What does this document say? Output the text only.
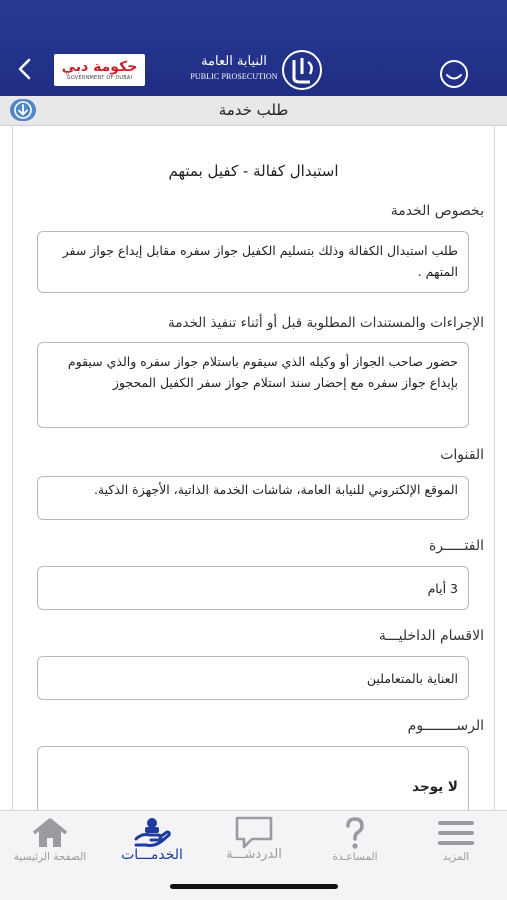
حكومة دبي
GOVERNMENT OF DUBAI
النيابة العامة
PUBLIC PROSECUTION
طلب خدمة
استبدال كفالة - كفيل بمتهم
بخصوص الخدمة
طلب استبدال الكفالة وذلك بتسليم الكفيل جواز سفره مقابل إيداع جواز سفر المتهم .
الإجراءات والمستندات المطلوبة قبل أو أثناء تنفيذ الخدمة
حضور صاحب الجواز أو وكيله الذي سيقوم باستلام جواز سفره والذي سيقوم بإيداع جواز سفره مع إحضار سند استلام جواز سفر الكفيل المحجوز
القنوات
الموقع الإلكتروني للنيابة العامة، شاشات الخدمة الذاتية، الأجهزة الذكية.
الفتـــــرة
3 أيام
الاقسام الداخليـــة
العناية بالمتعاملين
الرســــــــوم
لا يوجد
الصفحة الرئيسية	الخدمـــات	الدردشـــة	المساعـدة	المزيد
